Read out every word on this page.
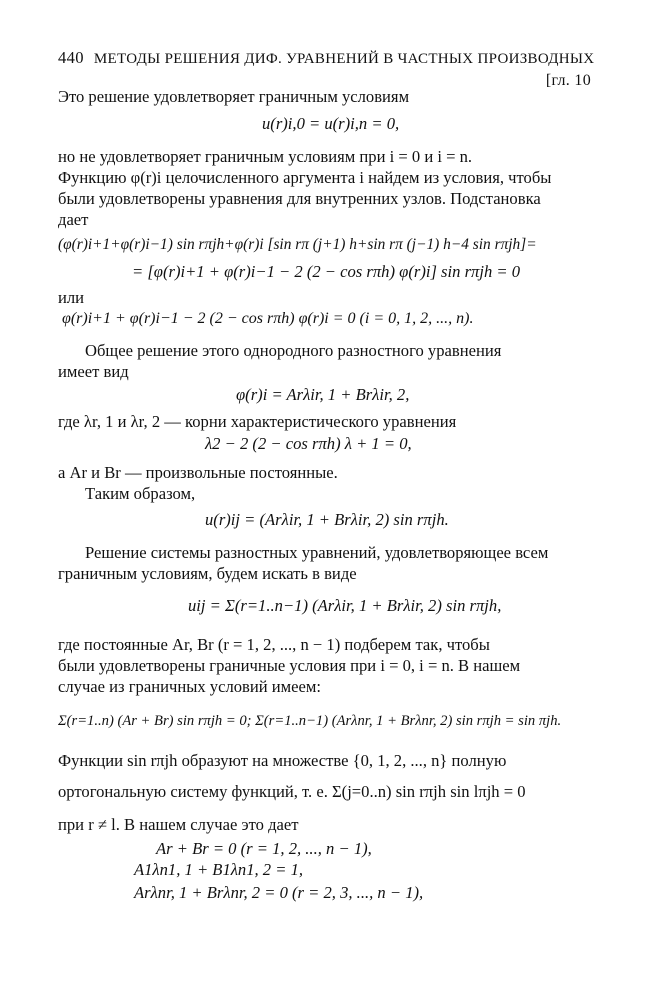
440 МЕТОДЫ РЕШЕНИЯ ДИФ. УРАВНЕНИЙ В ЧАСТНЫХ ПРОИЗВОДНЫХ
[гл. 10
Это решение удовлетворяет граничным условиям
u(r)i,0 = u(r)i,n = 0,
но не удовлетворяет граничным условиям при i = 0 и i = n.
Функцию φ(r)i целочисленного аргумента i найдем из условия, чтобы
были удовлетворены уравнения для внутренних узлов. Подстановка
дает
(φ(r)i+1+φ(r)i−1) sin rπjh+φ(r)i [sin rπ (j+1) h+sin rπ (j−1) h−4 sin rπjh]=
= [φ(r)i+1 + φ(r)i−1 − 2 (2 − cos rπh) φ(r)i] sin rπjh = 0
или
φ(r)i+1 + φ(r)i−1 − 2 (2 − cos rπh) φ(r)i = 0 (i = 0, 1, 2, ..., n).
Общее решение этого однородного разностного уравнения
имеет вид
φ(r)i = Arλir, 1 + Brλir, 2,
где λr, 1 и λr, 2 — корни характеристического уравнения
λ2 − 2 (2 − cos rπh) λ + 1 = 0,
а Ar и Br — произвольные постоянные.
Таким образом,
u(r)ij = (Arλir, 1 + Brλir, 2) sin rπjh.
Решение системы разностных уравнений, удовлетворяющее всем
граничным условиям, будем искать в виде
uij = Σ(r=1..n−1) (Arλir, 1 + Brλir, 2) sin rπjh,
где постоянные Ar, Br (r = 1, 2, ..., n − 1) подберем так, чтобы
были удовлетворены граничные условия при i = 0, i = n. В нашем
случае из граничных условий имеем:
Σ(r=1..n) (Ar + Br) sin rπjh = 0; Σ(r=1..n−1) (Arλnr, 1 + Brλnr, 2) sin rπjh = sin πjh.
Функции sin rπjh образуют на множестве {0, 1, 2, ..., n} полную
ортогональную системy функций, т. е. Σ(j=0..n) sin rπjh sin lπjh = 0
при r ≠ l. В нашем случае это дает
Ar + Br = 0 (r = 1, 2, ..., n − 1),
A1λn1, 1 + B1λn1, 2 = 1,
Arλnr, 1 + Brλnr, 2 = 0 (r = 2, 3, ..., n − 1),
